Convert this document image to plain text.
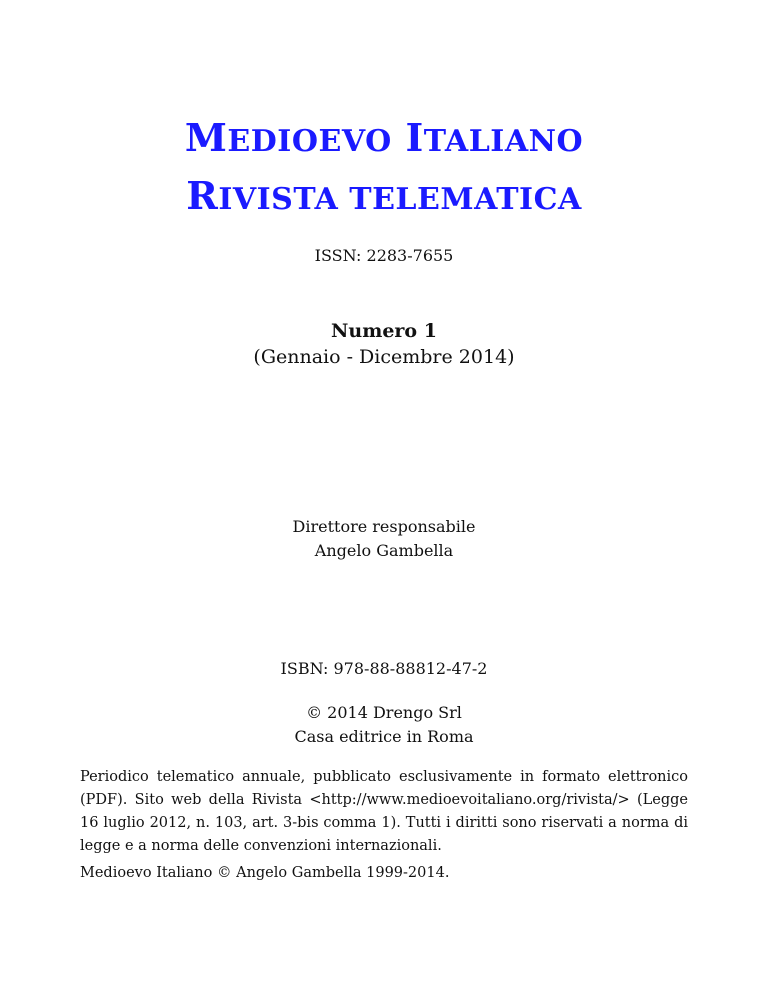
MEDIOEVO ITALIANO
RIVISTA TELEMATICA
ISSN: 2283-7655
Numero 1
(Gennaio - Dicembre 2014)
Direttore responsabile
Angelo Gambella
ISBN: 978-88-88812-47-2
© 2014 Drengo Srl
Casa editrice in Roma
Periodico telematico annuale, pubblicato esclusivamente in formato elettronico (PDF). Sito web della Rivista <http://www.medioevoitaliano.org/rivista/> (Legge 16 luglio 2012, n. 103, art. 3-bis comma 1). Tutti i diritti sono riservati a norma di legge e a norma delle convenzioni internazionali.
Medioevo Italiano © Angelo Gambella 1999-2014.
